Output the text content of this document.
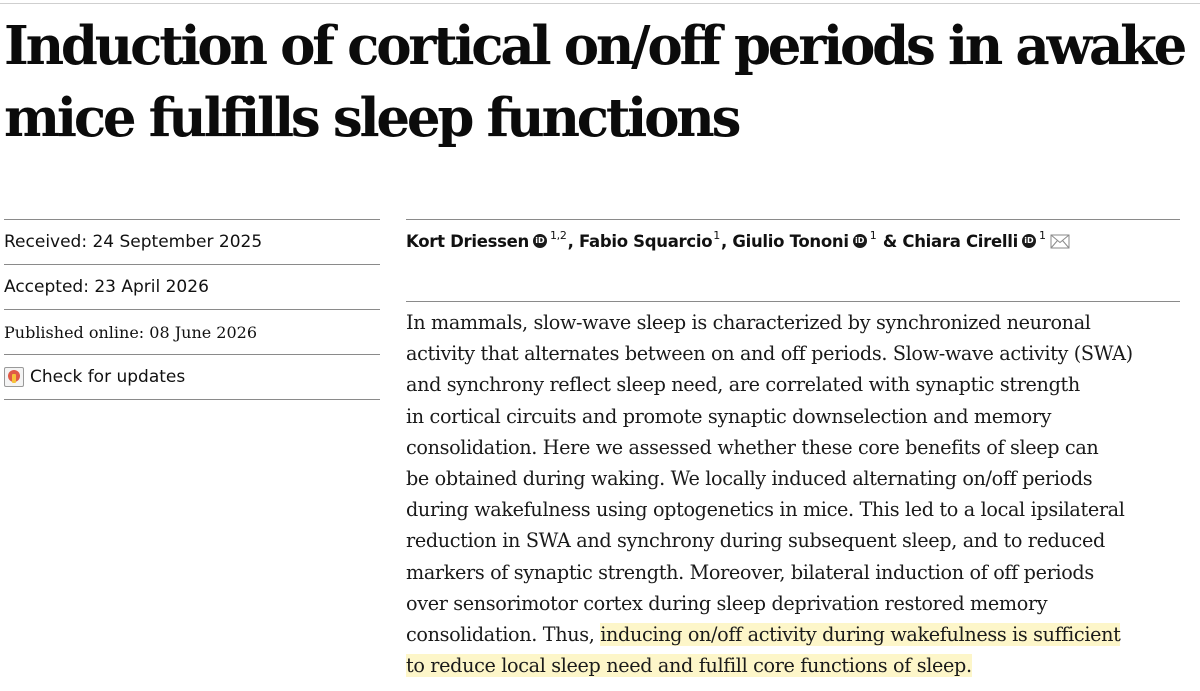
Induction of cortical on/off periods in awake
mice fulfills sleep functions
Received: 24 September 2025
Accepted: 23 April 2026
Published online: 08 June 2026
Check for updates
Kort Driessen iD $^{1,2}$ , Fabio Squarcio$^1$ , Giulio Tononi iD $^1$ & Chiara Cirelli iD $^1$
In mammals, slow-wave sleep is characterized by synchronized neuronal
activity that alternates between on and off periods. Slow-wave activity (SWA)
and synchrony reflect sleep need, are correlated with synaptic strength
in cortical circuits and promote synaptic downselection and memory
consolidation. Here we assessed whether these core benefits of sleep can
be obtained during waking. We locally induced alternating on/off periods
during wakefulness using optogenetics in mice. This led to a local ipsilateral
reduction in SWA and synchrony during subsequent sleep, and to reduced
markers of synaptic strength. Moreover, bilateral induction of off periods
over sensorimotor cortex during sleep deprivation restored memory
consolidation. Thus, inducing on/off activity during wakefulness is sufficient
to reduce local sleep need and fulfill core functions of sleep.
